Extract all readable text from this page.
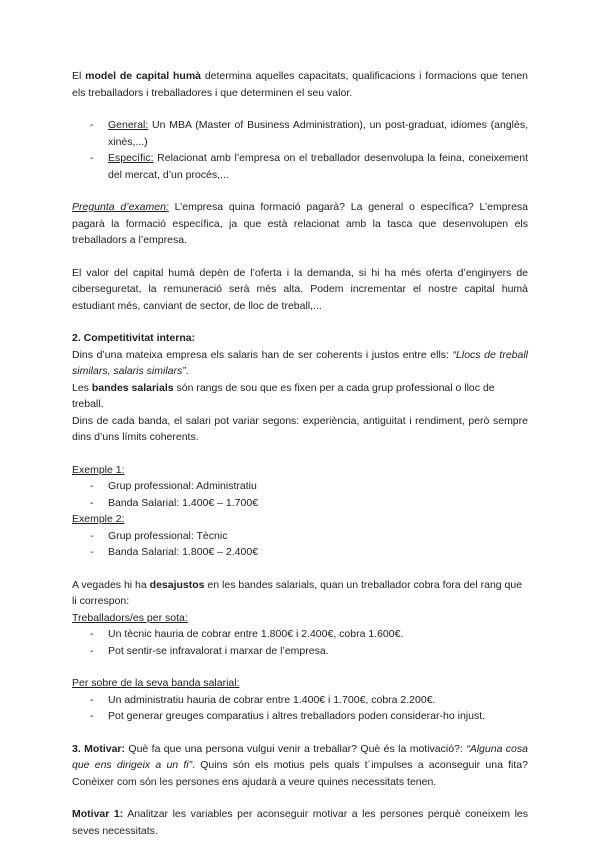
El model de capital humà determina aquelles capacitats, qualificacions i formacions que tenen els treballadors i treballadores i que determinen el seu valor.

- General: Un MBA (Master of Business Administration), un post-graduat, idiomes (anglès, xinès,...)
- Específic: Relacionat amb l’empresa on el treballador desenvolupa la feina, coneixement del mercat, d’un procés,...

Pregunta d’examen: L’empresa quina formació pagarà? La general o específica? L’empresa pagarà la formació específica, ja que està relacionat amb la tasca que desenvolupen els treballadors a l’empresa.

El valor del capital humà depèn de l’oferta i la demanda, si hi ha més oferta d’enginyers de ciberseguretat, la remuneració serà més alta. Podem incrementar el nostre capital humà estudiant més, canviant de sector, de lloc de treball,...

2. Competitivitat interna:

Dins d’una mateixa empresa els salaris han de ser coherents i justos entre ells: “Llocs de treball similars, salaris similars”.

Les bandes salarials són rangs de sou que es fixen per a cada grup professional o lloc de treball.

Dins de cada banda, el salari pot variar segons: experiència, antiguitat i rendiment, però sempre dins d’uns límits coherents.

Exemple 1:

- Grup professional: Administratiu
- Banda Salarial: 1.400€ – 1.700€

Exemple 2:

- Grup professional: Tècnic
- Banda Salarial: 1.800€ – 2.400€

A vegades hi ha desajustos en les bandes salarials, quan un treballador cobra fora del rang que li correspon:

Treballadors/es per sota:

- Un tècnic hauria de cobrar entre 1.800€ i 2.400€, cobra 1.600€.
- Pot sentir-se infravalorat i marxar de l’empresa.

Per sobre de la seva banda salarial:

- Un administratiu hauria de cobrar entre 1.400€ i 1.700€, cobra 2.200€.
- Pot generar greuges comparatius i altres treballadors poden considerar-ho injust.

3. Motivar: Què fa que una persona vulgui venir a treballar? Què és la motivació?: “Alguna cosa que ens dirigeix a un fi”. Quins són els motius pels quals t´impulses a aconseguir una fita? Conèixer com són les persones ens ajudarà a veure quines necessitats tenen.

Motivar 1: Analitzar les variables per aconseguir motivar a les persones perquè coneixem les seves necessitats.
